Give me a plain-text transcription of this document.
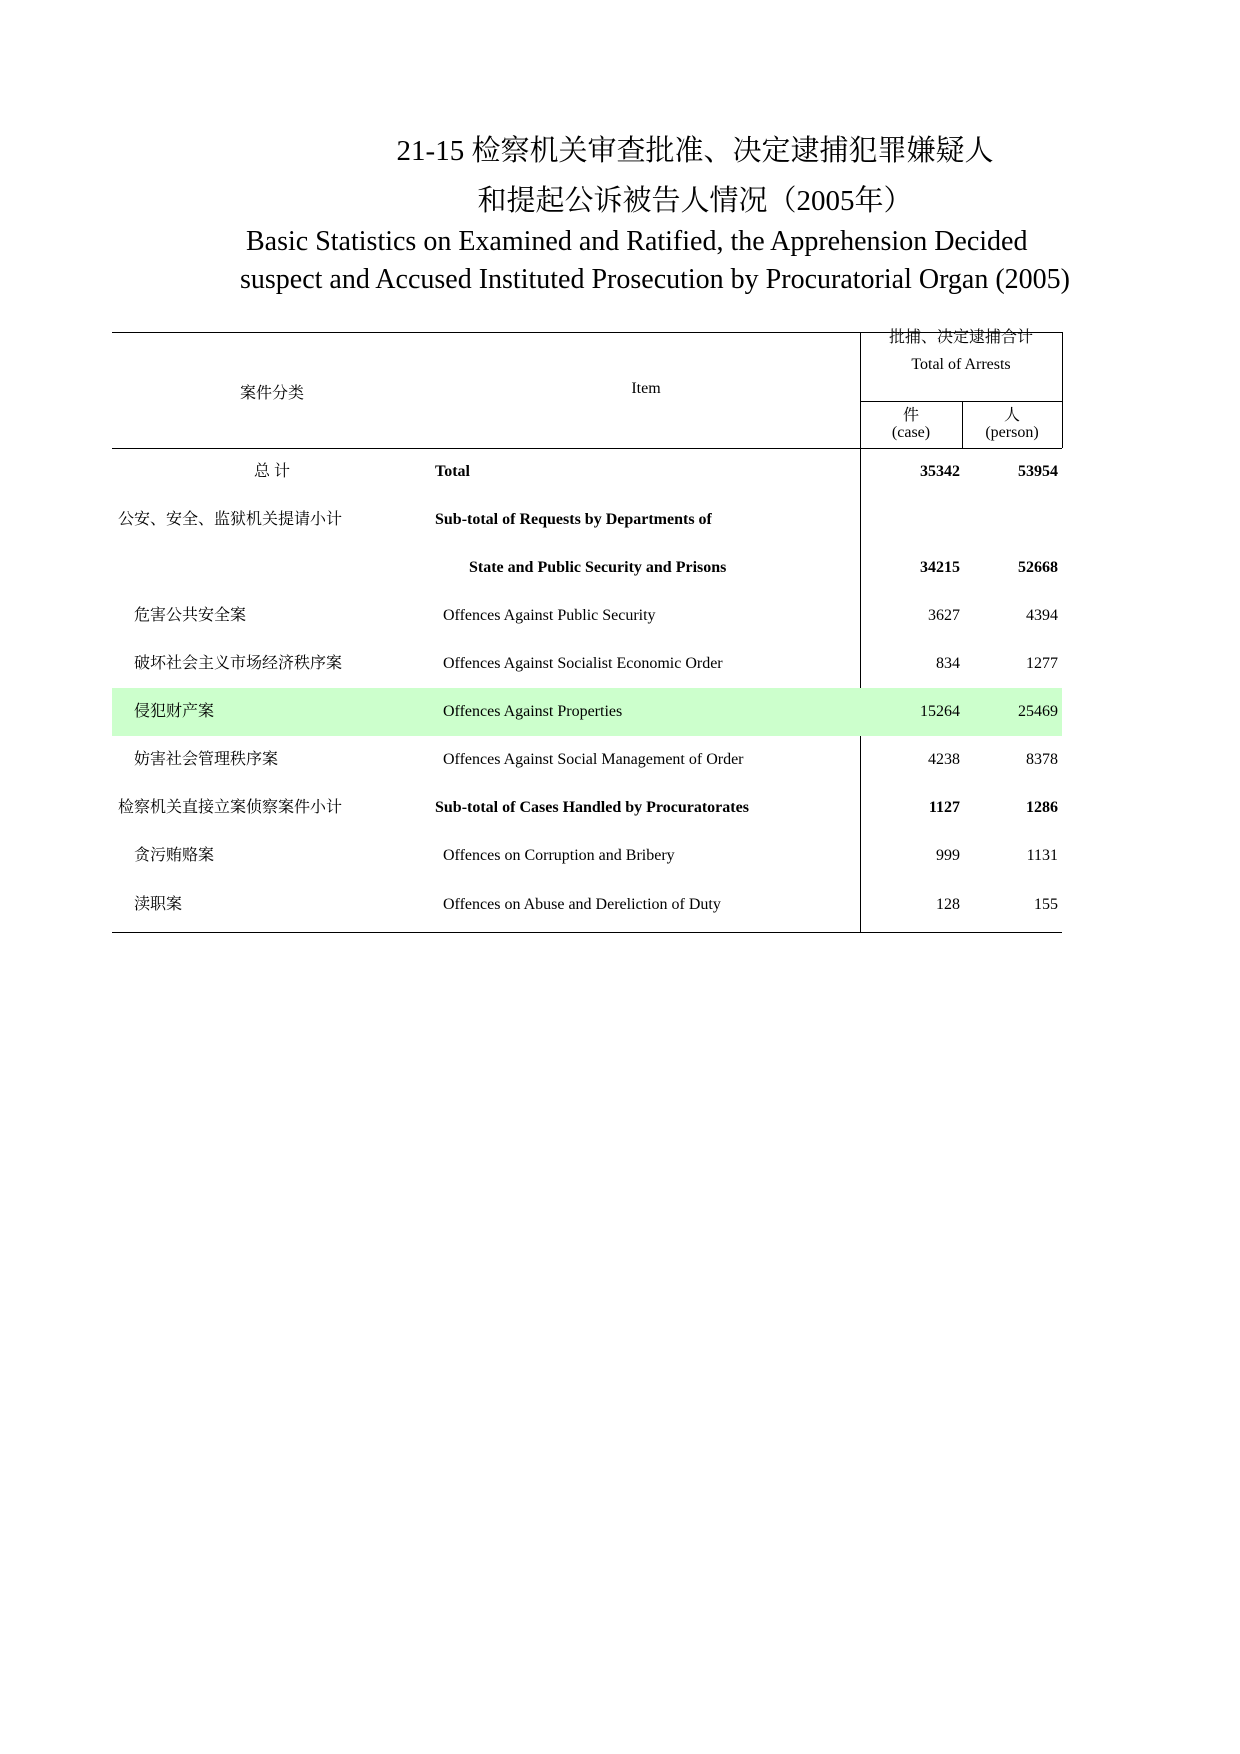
21-15 检察机关审查批准、决定逮捕犯罪嫌疑人
和提起公诉被告人情况（2005年）
Basic Statistics on Examined and Ratified, the Apprehension Decided
suspect and Accused Instituted Prosecution by Procuratorial Organ (2005)
案件分类	Item
批捕、决定逮捕合计
Total of Arrests
件
(case)
人
(person)
总 计	Total	35342	53954
公安、安全、监狱机关提请小计	Sub-total of Requests by Departments of
State and Public Security and Prisons	34215	52668
危害公共安全案	Offences Against Public Security	3627	4394
破坏社会主义市场经济秩序案	Offences Against Socialist Economic Order	834	1277
侵犯财产案	Offences Against Properties	15264	25469
妨害社会管理秩序案	Offences Against Social Management of Order	4238	8378
检察机关直接立案侦察案件小计	Sub-total of Cases Handled by Procuratorates	1127	1286
贪污贿赂案	Offences on Corruption and Bribery	999	1131
渎职案	Offences on Abuse and Dereliction of Duty	128	155
